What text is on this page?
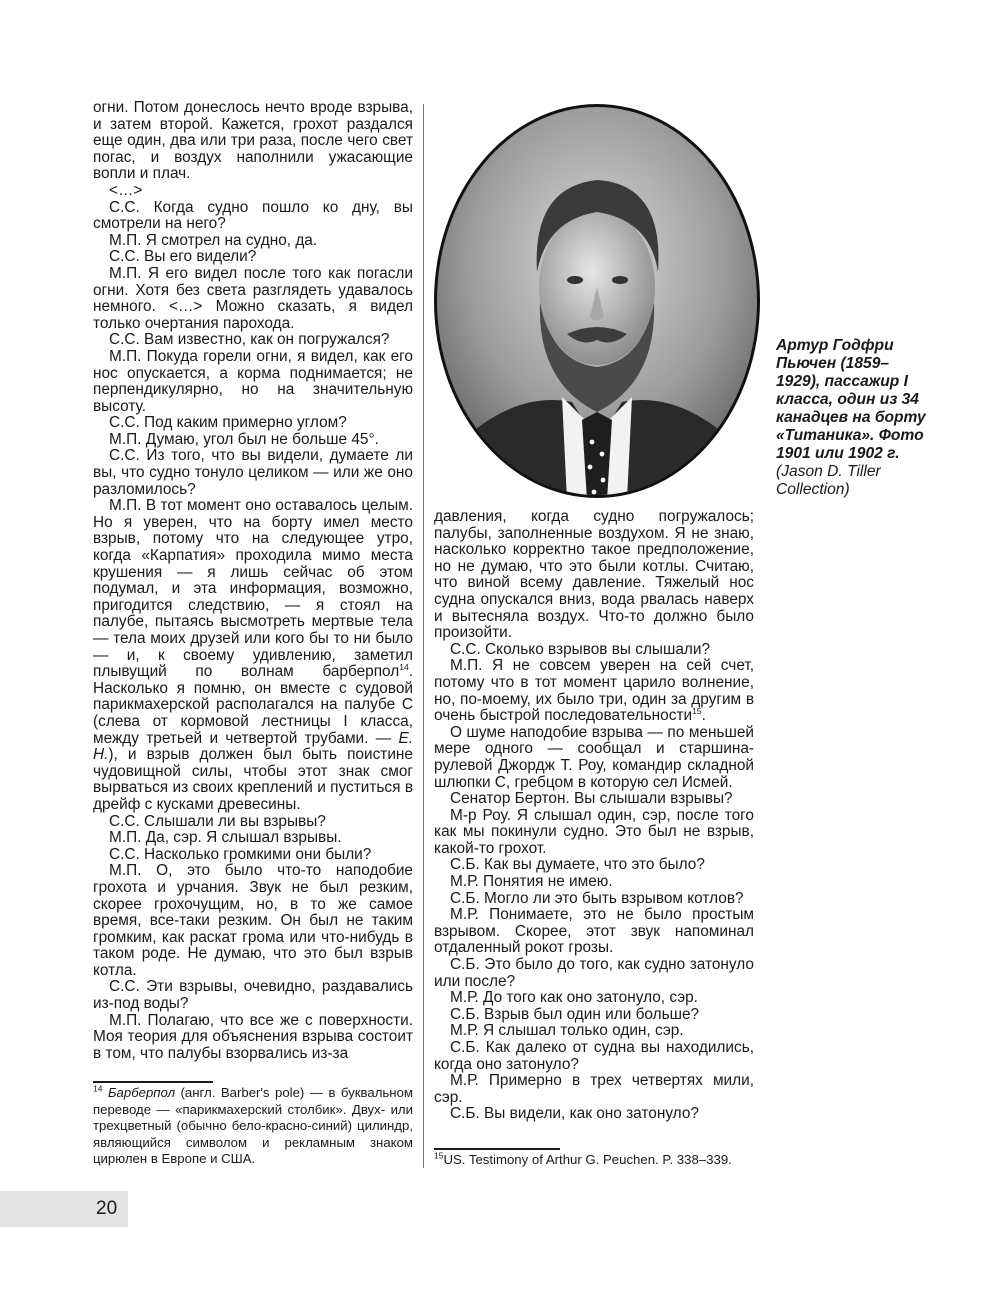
огни. Потом донеслось нечто вроде взрыва, и затем второй. Кажется, грохот раздался еще один, два или три раза, после чего свет погас, и воздух наполнили ужасающие вопли и плач.

<…>

С.С. Когда судно пошло ко дну, вы смотрели на него?

М.П. Я смотрел на судно, да.

С.С. Вы его видели?

М.П. Я его видел после того как погасли огни. Хотя без света разглядеть удавалось немного. <…> Можно сказать, я видел только очертания парохода.

С.С. Вам известно, как он погружался?

М.П. Покуда горели огни, я видел, как его нос опускается, а корма поднимается; не перпендикулярно, но на значительную высоту.

С.С. Под каким примерно углом?

М.П. Думаю, угол был не больше 45°.

С.С. Из того, что вы видели, думаете ли вы, что судно тонуло целиком — или же оно разломилось?

М.П. В тот момент оно оставалось целым. Но я уверен, что на борту имел место взрыв, потому что на следующее утро, когда «Карпатия» проходила мимо места крушения — я лишь сейчас об этом подумал, и эта информация, возможно, пригодится следствию, — я стоял на палубе, пытаясь высмотреть мертвые тела — тела моих друзей или кого бы то ни было — и, к своему удивлению, заметил плывущий по волнам барберпол$^{14}$. Насколько я помню, он вместе с судовой парикмахерской располагался на палубе С (слева от кормовой лестницы I класса, между третьей и четвертой трубами. — Е. Н.), и взрыв должен был быть поистине чудовищной силы, чтобы этот знак смог вырваться из своих креплений и пуститься в дрейф с кусками древесины.

С.С. Слышали ли вы взрывы?

М.П. Да, сэр. Я слышал взрывы.

С.С. Насколько громкими они были?

М.П. О, это было что-то наподобие грохота и урчания. Звук не был резким, скорее грохочущим, но, в то же самое время, все-таки резким. Он был не таким громким, как раскат грома или что-нибудь в таком роде. Не думаю, что это был взрыв котла.

С.С. Эти взрывы, очевидно, раздавались из-под воды?

М.П. Полагаю, что все же с поверхности. Моя теория для объяснения взрыва состоит в том, что палубы взорвались из-за

Артур Годфри Пьючен (1859–1929), пассажир I класса, один из 34 канадцев на борту «Титаника». Фото 1901 или 1902 г. (Jason D. Tiller Collection)

давления, когда судно погружалось; палубы, заполненные воздухом. Я не знаю, насколько корректно такое предположение, но не думаю, что это были котлы. Считаю, что виной всему давление. Тяжелый нос судна опускался вниз, вода рвалась наверх и вытесняла воздух. Что-то должно было произойти.

С.С. Сколько взрывов вы слышали?

М.П. Я не совсем уверен на сей счет, потому что в тот момент царило волнение, но, по-моему, их было три, один за другим в очень быстрой последовательности$^{15}$.

О шуме наподобие взрыва — по меньшей мере одного — сообщал и старшина-рулевой Джордж Т. Роу, командир складной шлюпки С, гребцом в которую сел Исмей.

Сенатор Бертон. Вы слышали взрывы?

М-р Роу. Я слышал один, сэр, после того как мы покинули судно. Это был не взрыв, какой-то грохот.

С.Б. Как вы думаете, что это было?

М.Р. Понятия не имею.

С.Б. Могло ли это быть взрывом котлов?

М.Р. Понимаете, это не было простым взрывом. Скорее, этот звук напоминал отдаленный рокот грозы.

С.Б. Это было до того, как судно затонуло или после?

М.Р. До того как оно затонуло, сэр.

С.Б. Взрыв был один или больше?

М.Р. Я слышал только один, сэр.

С.Б. Как далеко от судна вы находились, когда оно затонуло?

М.Р. Примерно в трех четвертях мили, сэр.

С.Б. Вы видели, как оно затонуло?

$^{14}$ Барберпол (англ. Barber's pole) — в буквальном переводе — «парикмахерский столбик». Двух- или трехцветный (обычно бело-красно-синий) цилиндр, являющийся символом и рекламным знаком цирюлен в Европе и США.	$^{15}$US. Testimony of Arthur G. Peuchen. P. 338–339.
20
